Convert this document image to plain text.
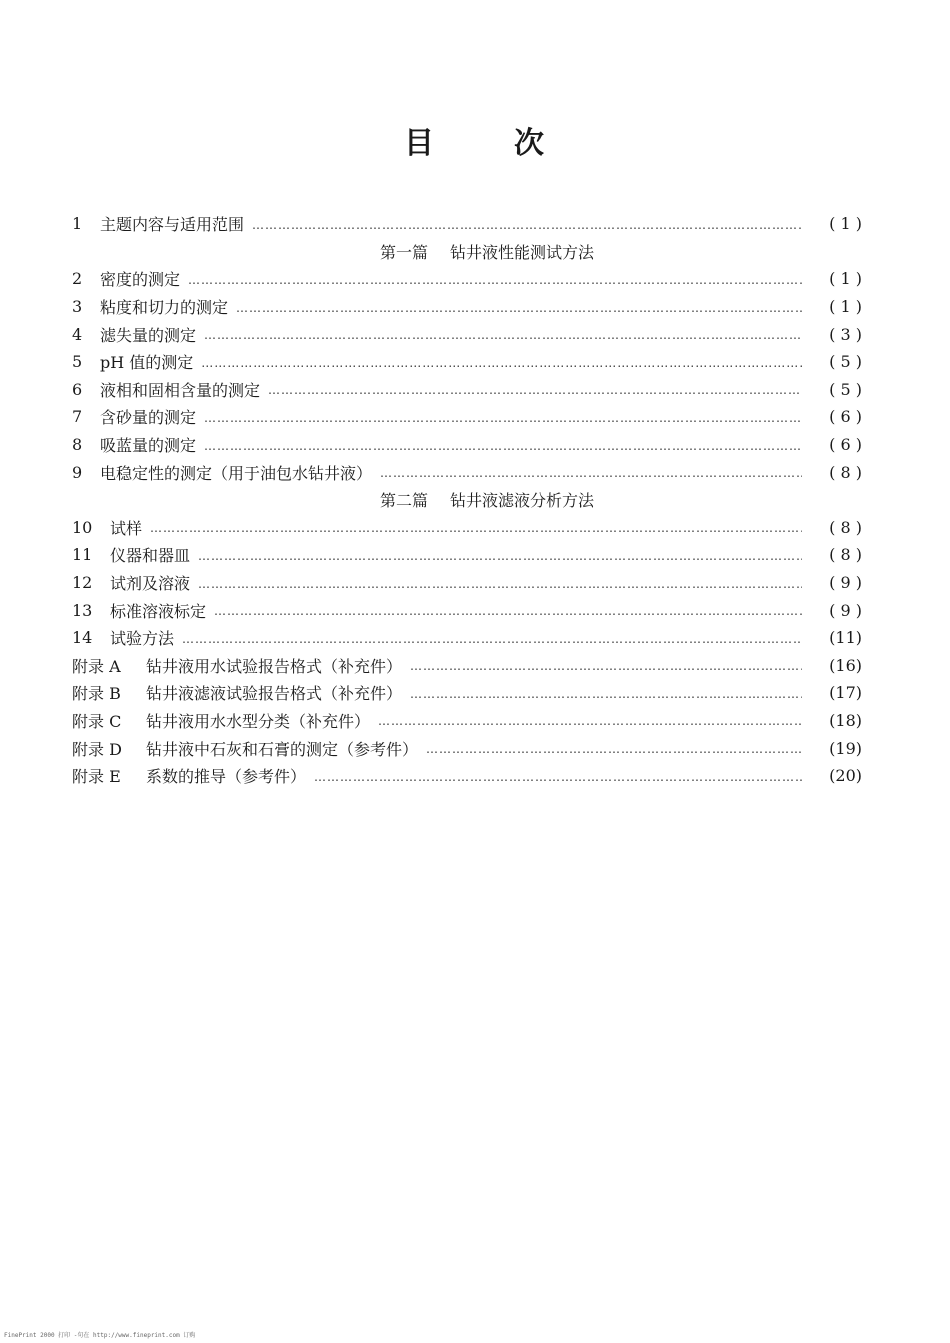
目	次
1	主题内容与适用范围 ……………………………………………………………………………………………………………………………………………………………………………………………………	( 1 )
第一篇 钻井液性能测试方法
2	密度的测定 ……………………………………………………………………………………………………………………………………………………………………………………………………	( 1 )
3	粘度和切力的测定 ……………………………………………………………………………………………………………………………………………………………………………………………………	( 1 )
4	滤失量的测定 ……………………………………………………………………………………………………………………………………………………………………………………………………	( 3 )
5	pH 值的测定 ……………………………………………………………………………………………………………………………………………………………………………………………………	( 5 )
6	液相和固相含量的测定 ……………………………………………………………………………………………………………………………………………………………………………………………………	( 5 )
7	含砂量的测定 ……………………………………………………………………………………………………………………………………………………………………………………………………	( 6 )
8	吸蓝量的测定 ……………………………………………………………………………………………………………………………………………………………………………………………………	( 6 )
9	电稳定性的测定（用于油包水钻井液） ……………………………………………………………………………………………………………………………………………………………………………………………………	( 8 )
第二篇 钻井液滤液分析方法
10	试样 ……………………………………………………………………………………………………………………………………………………………………………………………………	( 8 )
11	仪器和器皿 ……………………………………………………………………………………………………………………………………………………………………………………………………	( 8 )
12	试剂及溶液 ……………………………………………………………………………………………………………………………………………………………………………………………………	( 9 )
13	标准溶液标定 ……………………………………………………………………………………………………………………………………………………………………………………………………	( 9 )
14	试验方法 ……………………………………………………………………………………………………………………………………………………………………………………………………	(11)
附录 A	钻井液用水试验报告格式（补充件） ……………………………………………………………………………………………………………………………………………………………………………………………………	(16)
附录 B	钻井液滤液试验报告格式（补充件） ……………………………………………………………………………………………………………………………………………………………………………………………………	(17)
附录 C	钻井液用水水型分类（补充件） ……………………………………………………………………………………………………………………………………………………………………………………………………	(18)
附录 D	钻井液中石灰和石膏的测定（参考件） ……………………………………………………………………………………………………………………………………………………………………………………………………	(19)
附录 E	系数的推导（参考件） ……………………………………………………………………………………………………………………………………………………………………………………………………	(20)
FinePrint 2000 打印 -句在 http://www.fineprint.com 订购
